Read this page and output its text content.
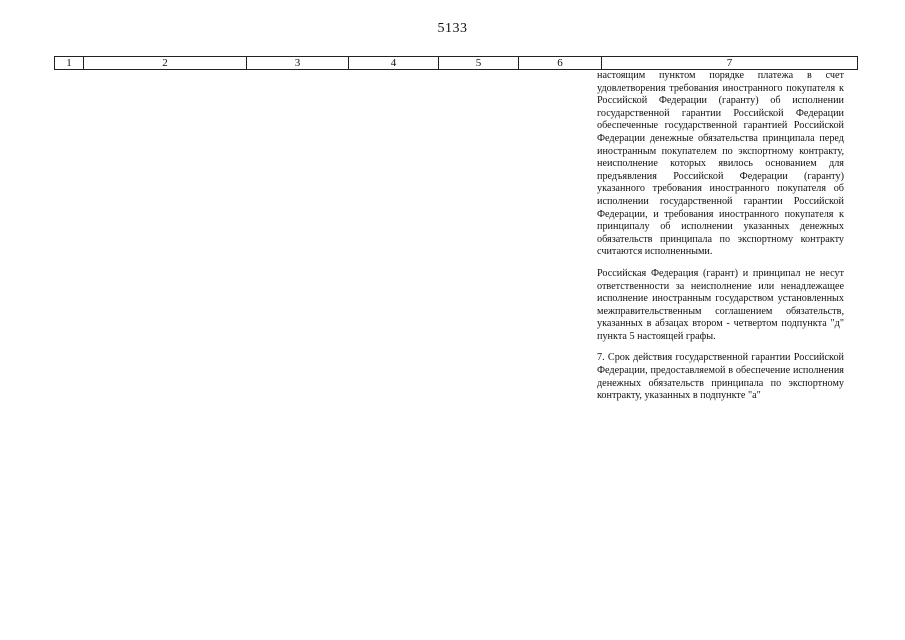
5133
1	2	3	4	5	6	7

настоящим пунктом порядке платежа в счет удовлетворения требования иностранного покупателя к Российской Федерации (гаранту) об исполнении государственной гарантии Российской Федерации обеспеченные государственной гарантией Российской Федерации денежные обязательства принципала перед иностранным покупателем по экспортному контракту, неисполнение которых явилось основанием для предъявления Российской Федерации (гаранту) указанного требования иностранного покупателя об исполнении государственной гарантии Российской Федерации, и требования иностранного покупателя к принципалу об исполнении указанных денежных обязательств принципала по экспортному контракту считаются исполненными.

Российская Федерация (гарант) и принципал не несут ответственности за неисполнение или ненадлежащее исполнение иностранным государством установленных межправительственным соглашением обязательств, указанных в абзацах втором - четвертом подпункта "д" пункта 5 настоящей графы.

7. Срок действия государственной гарантии Российской Федерации, предоставляемой в обеспечение исполнения денежных обязательств принципала по экспортному контракту, указанных в подпункте "а"
